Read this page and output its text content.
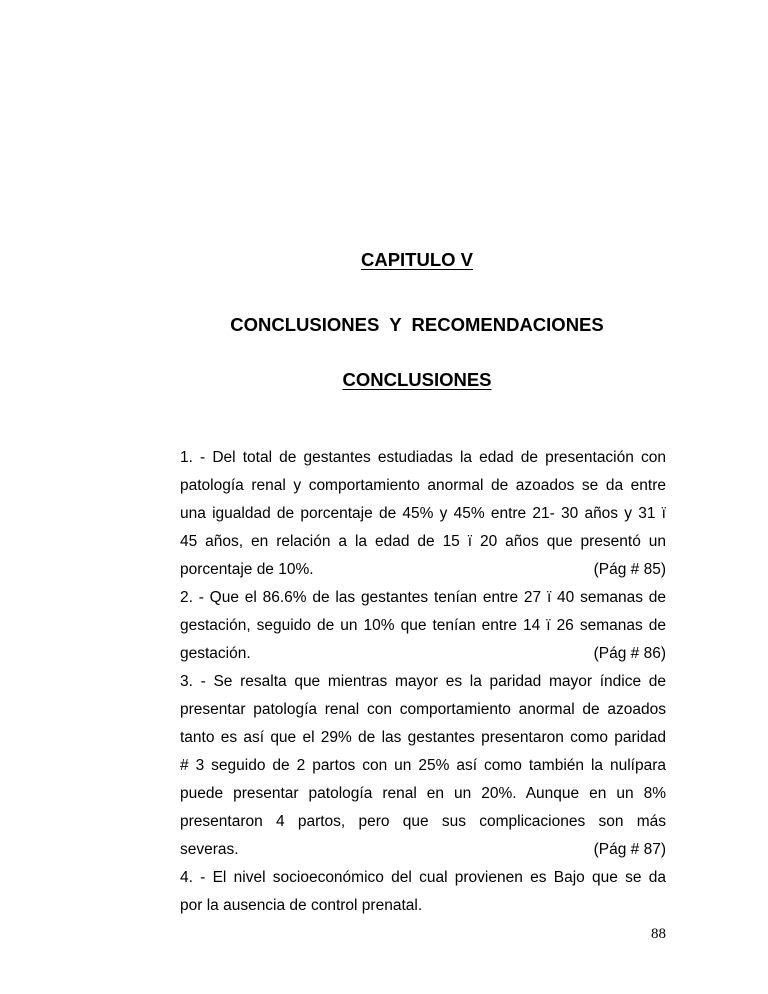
CAPITULO V
CONCLUSIONES  Y  RECOMENDACIONES
CONCLUSIONES
1. - Del total de gestantes estudiadas la edad de presentación con
patología renal y comportamiento anormal de azoados se da entre
una igualdad de porcentaje de 45% y 45% entre 21- 30 años y 31 ï
45 años, en relación a la edad de 15 ï 20 años que presentó un
porcentaje de 10%.	(Pág # 85)
2. - Que el 86.6% de las gestantes tenían entre 27 ï 40 semanas de
gestación, seguido de un 10% que tenían entre 14 ï 26 semanas de
gestación.	(Pág # 86)
3. - Se resalta que mientras mayor es la paridad mayor índice de
presentar patología renal con comportamiento anormal de azoados
tanto es así que el 29% de las gestantes presentaron como paridad
# 3 seguido de 2 partos con un 25% así como también la nulípara
puede presentar patología renal en un 20%. Aunque en un 8%
presentaron 4 partos, pero que sus complicaciones son más
severas.	(Pág # 87)
4. - El nivel socioeconómico del cual provienen es Bajo que se da
por la ausencia de control prenatal.
88
